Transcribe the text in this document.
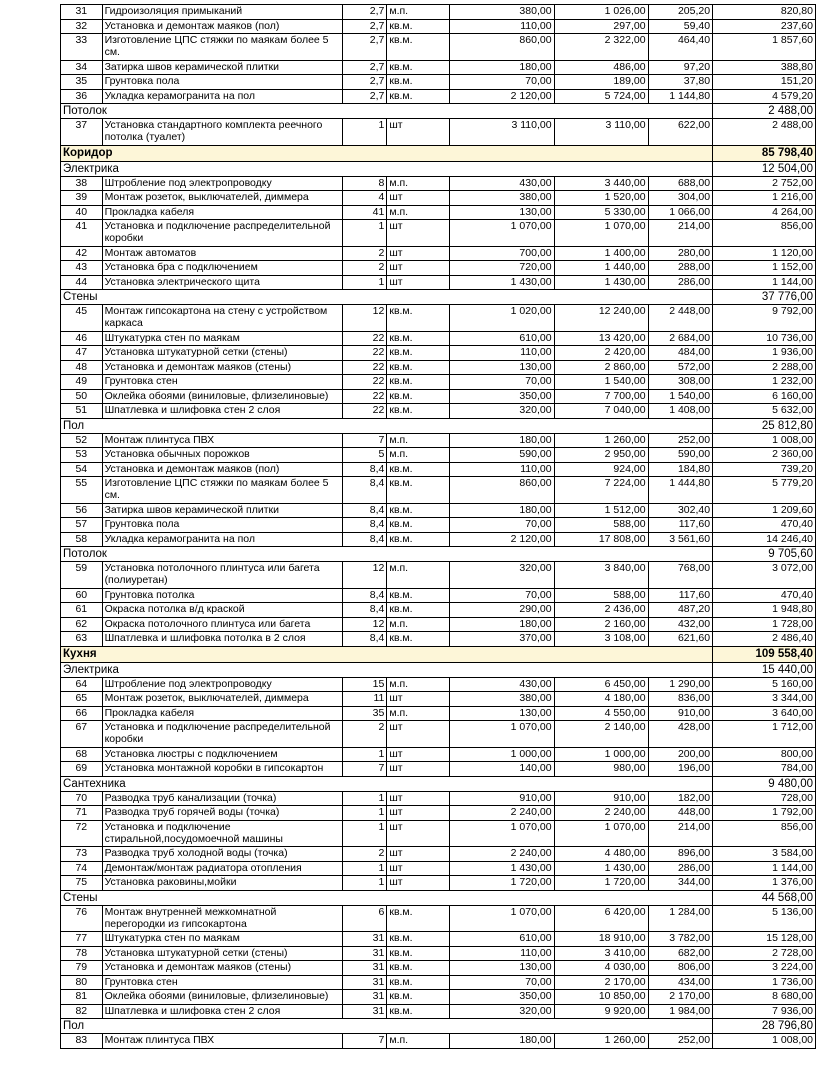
31	Гидроизоляция примыканий	2,7	м.п.	380,00	1 026,00	205,20	820,80
32	Установка и демонтаж маяков (пол)	2,7	кв.м.	110,00	297,00	59,40	237,60
33	Изготовление ЦПС стяжки по маякам более 5 см.	2,7	кв.м.	860,00	2 322,00	464,40	1 857,60
34	Затирка швов керамической плитки	2,7	кв.м.	180,00	486,00	97,20	388,80
35	Грунтовка пола	2,7	кв.м.	70,00	189,00	37,80	151,20
36	Укладка керамогранита на пол	2,7	кв.м.	2 120,00	5 724,00	1 144,80	4 579,20
Потолок							2 488,00
37	Установка стандартного комплекта реечного потолка (туалет)	1	шт	3 110,00	3 110,00	622,00	2 488,00
Коридор							85 798,40
Электрика							12 504,00
38	Штробление под электропроводку	8	м.п.	430,00	3 440,00	688,00	2 752,00
39	Монтаж розеток, выключателей, диммера	4	шт	380,00	1 520,00	304,00	1 216,00
40	Прокладка кабеля	41	м.п.	130,00	5 330,00	1 066,00	4 264,00
41	Установка и подключение распределительной коробки	1	шт	1 070,00	1 070,00	214,00	856,00
42	Монтаж автоматов	2	шт	700,00	1 400,00	280,00	1 120,00
43	Установка бра с подключением	2	шт	720,00	1 440,00	288,00	1 152,00
44	Установка электрического щита	1	шт	1 430,00	1 430,00	286,00	1 144,00
Стены							37 776,00
45	Монтаж гипсокартона на стену с устройством каркаса	12	кв.м.	1 020,00	12 240,00	2 448,00	9 792,00
46	Штукатурка стен по маякам	22	кв.м.	610,00	13 420,00	2 684,00	10 736,00
47	Установка штукатурной сетки (стены)	22	кв.м.	110,00	2 420,00	484,00	1 936,00
48	Установка и демонтаж маяков (стены)	22	кв.м.	130,00	2 860,00	572,00	2 288,00
49	Грунтовка стен	22	кв.м.	70,00	1 540,00	308,00	1 232,00
50	Оклейка обоями (виниловые, флизелиновые)	22	кв.м.	350,00	7 700,00	1 540,00	6 160,00
51	Шпатлевка и шлифовка стен 2 слоя	22	кв.м.	320,00	7 040,00	1 408,00	5 632,00
Пол							25 812,80
52	Монтаж плинтуса ПВХ	7	м.п.	180,00	1 260,00	252,00	1 008,00
53	Установка обычных порожков	5	м.п.	590,00	2 950,00	590,00	2 360,00
54	Установка и демонтаж маяков (пол)	8,4	кв.м.	110,00	924,00	184,80	739,20
55	Изготовление ЦПС стяжки по маякам более 5 см.	8,4	кв.м.	860,00	7 224,00	1 444,80	5 779,20
56	Затирка швов керамической плитки	8,4	кв.м.	180,00	1 512,00	302,40	1 209,60
57	Грунтовка пола	8,4	кв.м.	70,00	588,00	117,60	470,40
58	Укладка керамогранита на пол	8,4	кв.м.	2 120,00	17 808,00	3 561,60	14 246,40
Потолок							9 705,60
59	Установка потолочного плинтуса или багета (полиуретан)	12	м.п.	320,00	3 840,00	768,00	3 072,00
60	Грунтовка потолка	8,4	кв.м.	70,00	588,00	117,60	470,40
61	Окраска потолка в/д краской	8,4	кв.м.	290,00	2 436,00	487,20	1 948,80
62	Окраска потолочного плинтуса или багета	12	м.п.	180,00	2 160,00	432,00	1 728,00
63	Шпатлевка и шлифовка потолка в 2 слоя	8,4	кв.м.	370,00	3 108,00	621,60	2 486,40
Кухня							109 558,40
Электрика							15 440,00
64	Штробление под электропроводку	15	м.п.	430,00	6 450,00	1 290,00	5 160,00
65	Монтаж розеток, выключателей, диммера	11	шт	380,00	4 180,00	836,00	3 344,00
66	Прокладка кабеля	35	м.п.	130,00	4 550,00	910,00	3 640,00
67	Установка и подключение распределительной коробки	2	шт	1 070,00	2 140,00	428,00	1 712,00
68	Установка люстры с подключением	1	шт	1 000,00	1 000,00	200,00	800,00
69	Установка монтажной коробки в гипсокартон	7	шт	140,00	980,00	196,00	784,00
Сантехника							9 480,00
70	Разводка труб канализации (точка)	1	шт	910,00	910,00	182,00	728,00
71	Разводка труб горячей воды (точка)	1	шт	2 240,00	2 240,00	448,00	1 792,00
72	Установка и подключение стиральной,посудомоечной машины	1	шт	1 070,00	1 070,00	214,00	856,00
73	Разводка труб холодной воды (точка)	2	шт	2 240,00	4 480,00	896,00	3 584,00
74	Демонтаж/монтаж радиатора отопления	1	шт	1 430,00	1 430,00	286,00	1 144,00
75	Установка раковины,мойки	1	шт	1 720,00	1 720,00	344,00	1 376,00
Стены							44 568,00
76	Монтаж внутренней межкомнатной перегородки из гипсокартона	6	кв.м.	1 070,00	6 420,00	1 284,00	5 136,00
77	Штукатурка стен по маякам	31	кв.м.	610,00	18 910,00	3 782,00	15 128,00
78	Установка штукатурной сетки (стены)	31	кв.м.	110,00	3 410,00	682,00	2 728,00
79	Установка и демонтаж маяков (стены)	31	кв.м.	130,00	4 030,00	806,00	3 224,00
80	Грунтовка стен	31	кв.м.	70,00	2 170,00	434,00	1 736,00
81	Оклейка обоями (виниловые, флизелиновые)	31	кв.м.	350,00	10 850,00	2 170,00	8 680,00
82	Шпатлевка и шлифовка стен 2 слоя	31	кв.м.	320,00	9 920,00	1 984,00	7 936,00
Пол							28 796,80
83	Монтаж плинтуса ПВХ	7	м.п.	180,00	1 260,00	252,00	1 008,00
